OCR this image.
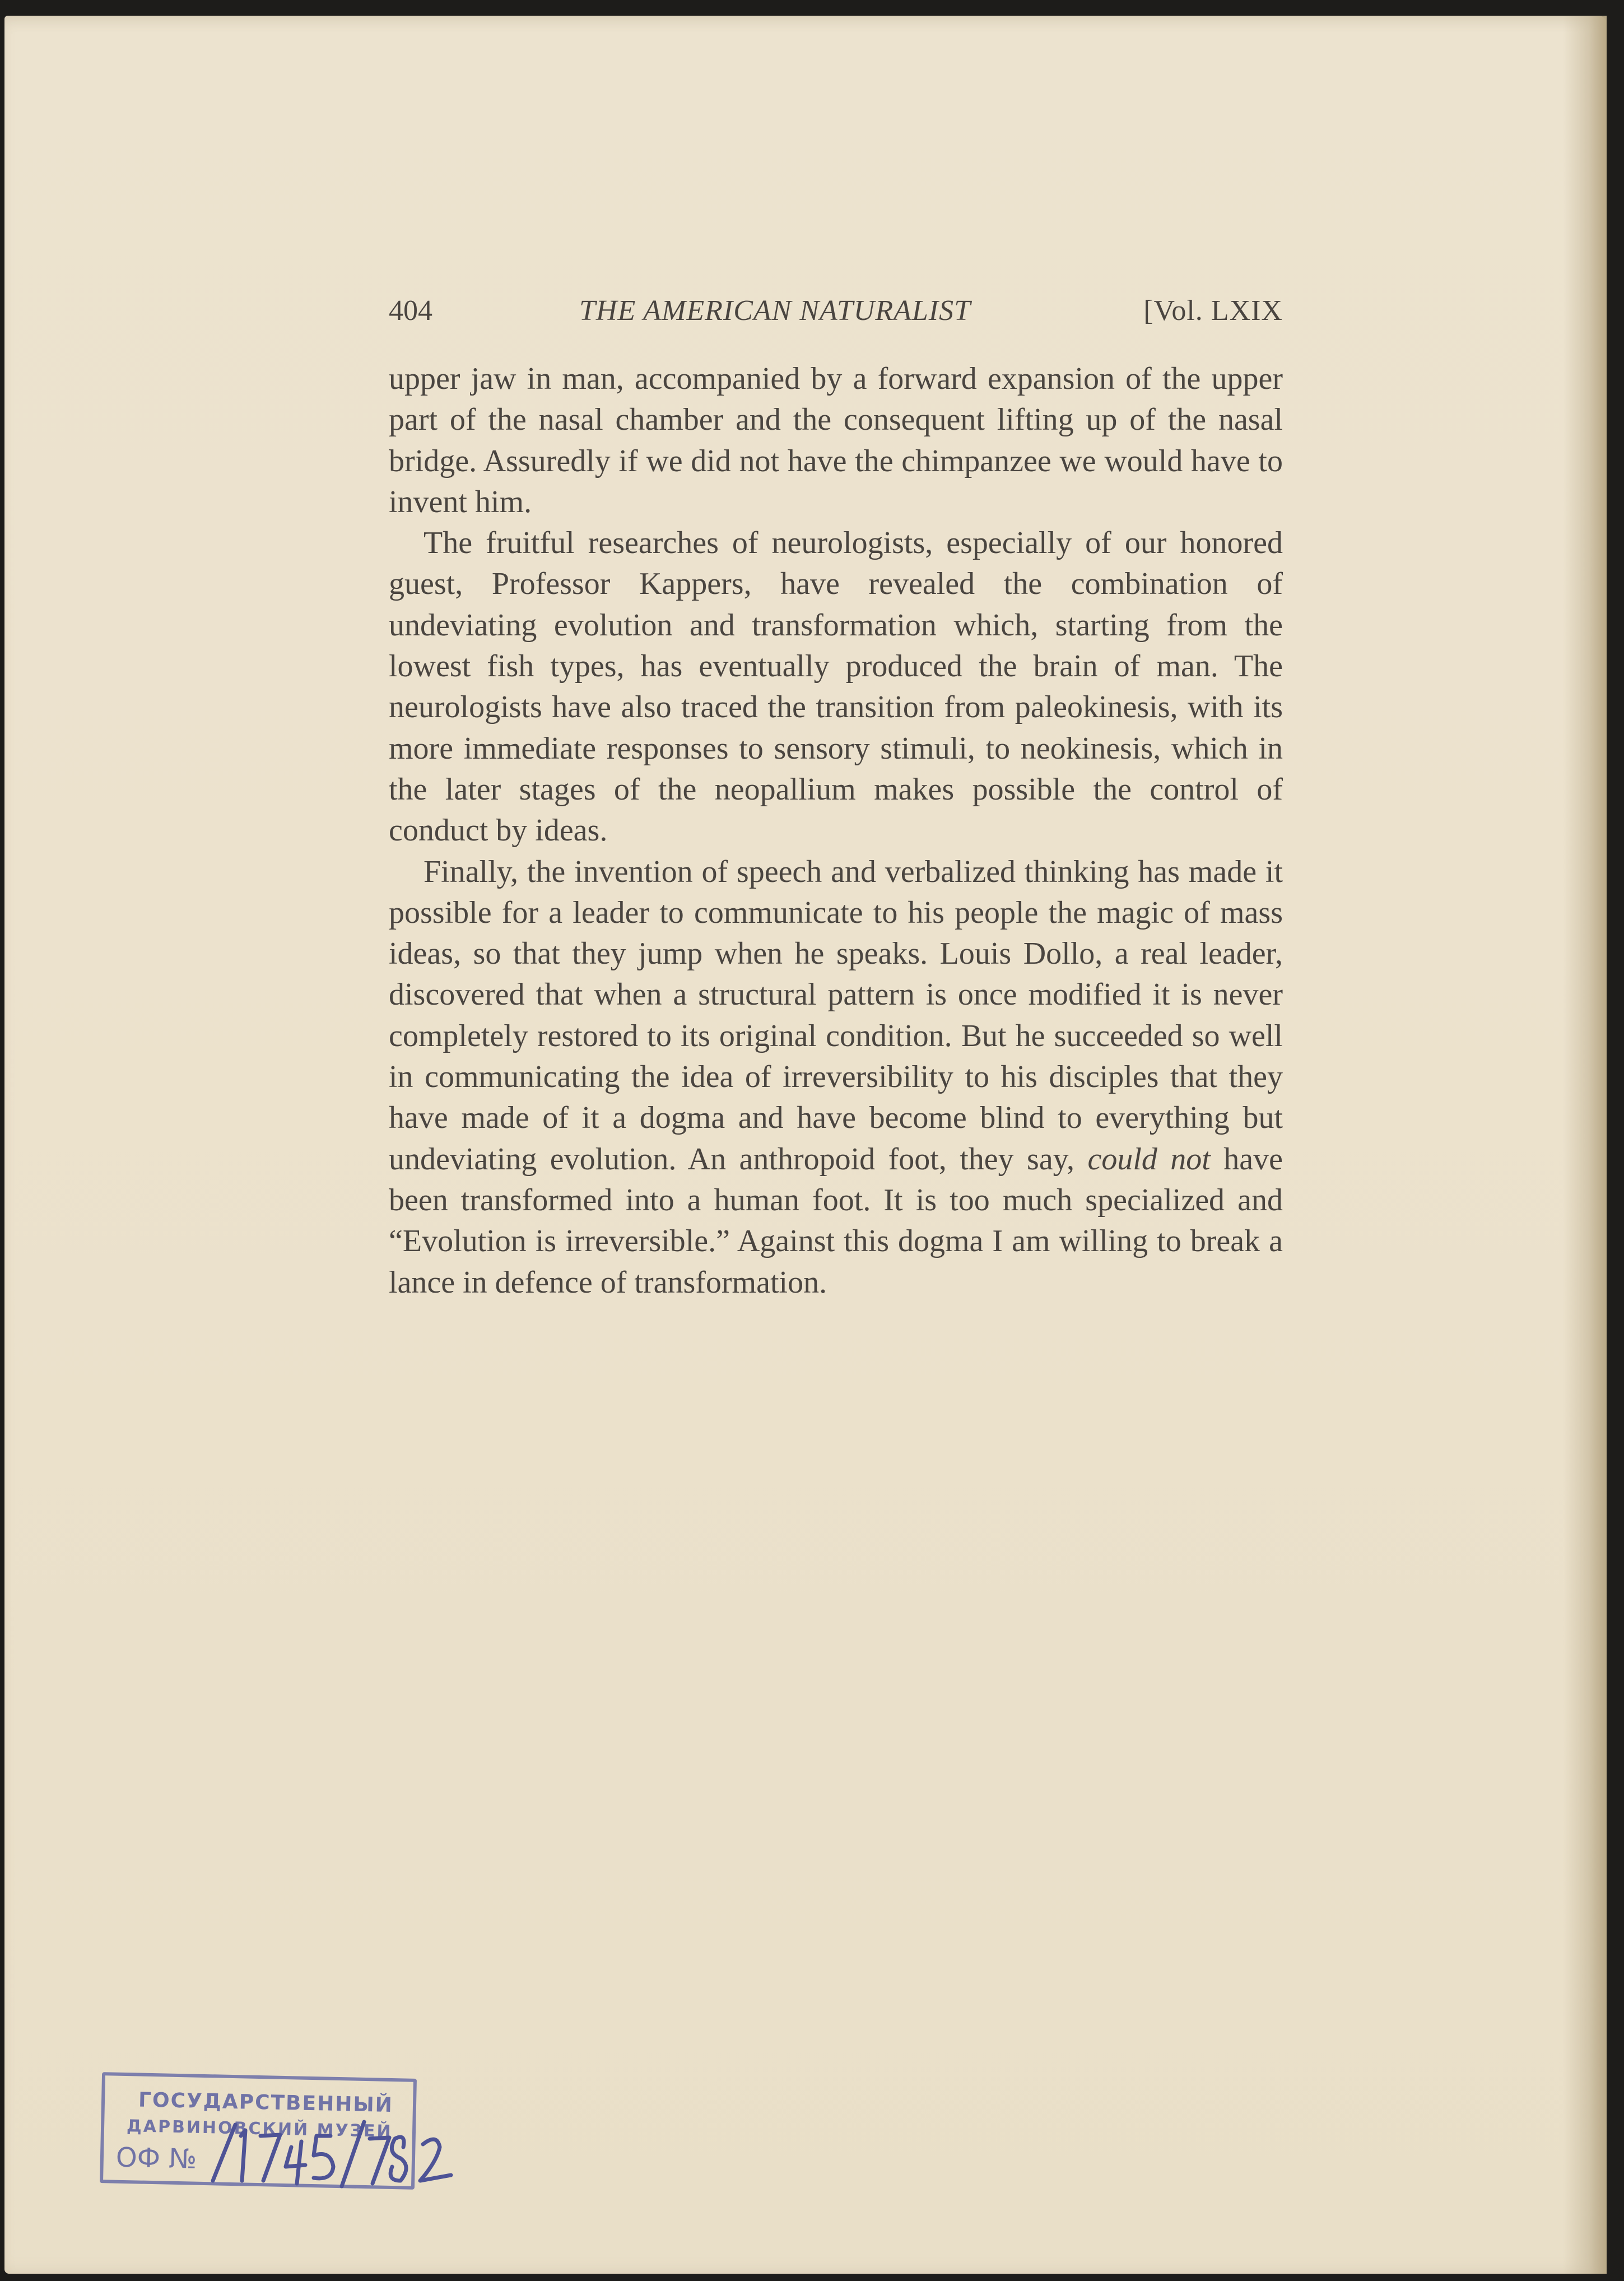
404	THE AMERICAN NATURALIST	[Vol. LXIX

upper jaw in man, accompanied by a forward expansion of the upper part of the nasal chamber and the consequent lifting up of the nasal bridge. Assuredly if we did not have the chimpanzee we would have to invent him.

The fruitful researches of neurologists, especially of our honored guest, Professor Kappers, have revealed the combination of undeviating evolution and transformation which, starting from the lowest fish types, has eventually produced the brain of man. The neurologists have also traced the transition from paleokinesis, with its more immediate responses to sensory stimuli, to neokinesis, which in the later stages of the neopallium makes possible the control of conduct by ideas.

Finally, the invention of speech and verbalized thinking has made it possible for a leader to communicate to his people the magic of mass ideas, so that they jump when he speaks. Louis Dollo, a real leader, discovered that when a structural pattern is once modified it is never completely restored to its original condition. But he succeeded so well in communicating the idea of irreversibility to his disciples that they have made of it a dogma and have become blind to everything but undeviating evolution. An anthropoid foot, they say, could not have been transformed into a human foot. It is too much specialized and “Evolution is irreversible.” Against this dogma I am willing to break a lance in defence of transformation.

ГОСУДАРСТВЕННЫЙ
ДАРВИНОВСКИЙ МУЗЕЙ
ОФ №
